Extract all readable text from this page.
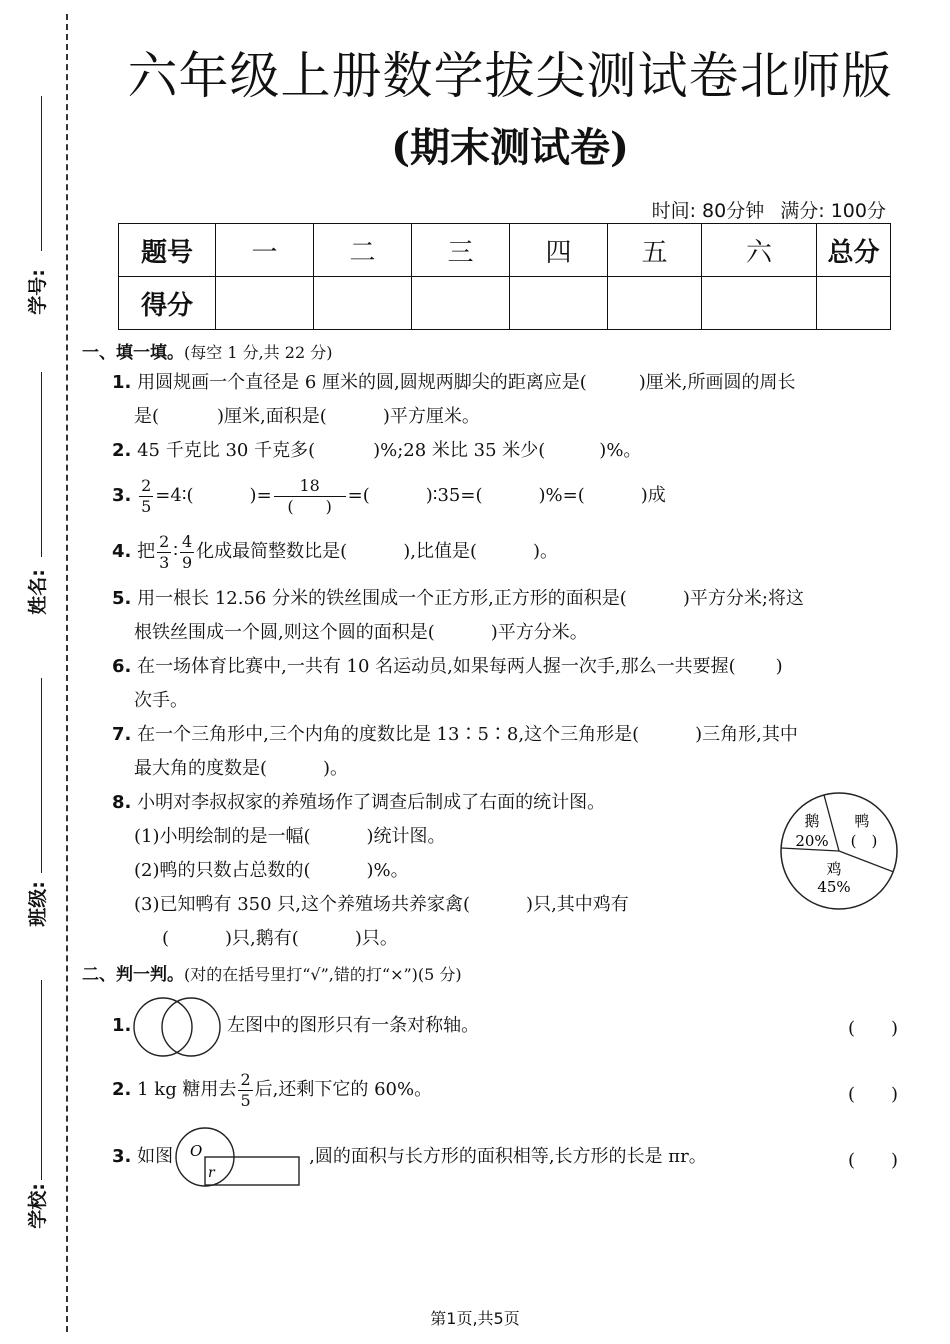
学号:
姓名:
班级:
学校:
六年级上册数学拔尖测试卷北师版
(期末测试卷)
时间: 80分钟 满分: 100分
题号	一	二	三	四	五	六	总分
得分							
一、填一填。(每空 1 分,共 22 分)
1. 用圆规画一个直径是 6 厘米的圆,圆规两脚尖的距离应是(	)厘米,所画圆的周长
是(	)厘米,面积是(	)平方厘米。
2. 45 千克比 30 千克多(	)%;28 米比 35 米少(	)%。
3. $\frac{2}{5}$ =4∶(	)= $\frac{18}{( )}$ =(	)∶35=(	)%=(	)成
4. 把 $\frac{2}{3}$ ∶ $\frac{4}{9}$ 化成最简整数比是(	),比值是(	)。
5. 用一根长 12.56 分米的铁丝围成一个正方形,正方形的面积是(	)平方分米;将这
根铁丝围成一个圆,则这个圆的面积是(	)平方分米。
6. 在一场体育比赛中,一共有 10 名运动员,如果每两人握一次手,那么一共要握( )
次手。
7. 在一个三角形中,三个内角的度数比是 13∶5∶8,这个三角形是(	)三角形,其中
最大角的度数是(	)。
8. 小明对李叔叔家的养殖场作了调查后制成了右面的统计图。
(1)小明绘制的是一幅(	)统计图。
(2)鸭的只数占总数的(	)%。
(3)已知鸭有 350 只,这个养殖场共养家禽(	)只,其中鸡有
(	)只,鹅有(	)只。
鹅
20%
鸭
(　)
鸡
45%
二、判一判。(对的在括号里打“√”,错的打“×”)(5 分)
1.	左图中的图形只有一条对称轴。	(　　)
2. 1 kg 糖用去 $\frac{2}{5}$ 后,还剩下它的 60%。	(　　)
3. 如图	,圆的面积与长方形的面积相等,长方形的长是 πr。
O
r
(　　)
第1页,共5页
